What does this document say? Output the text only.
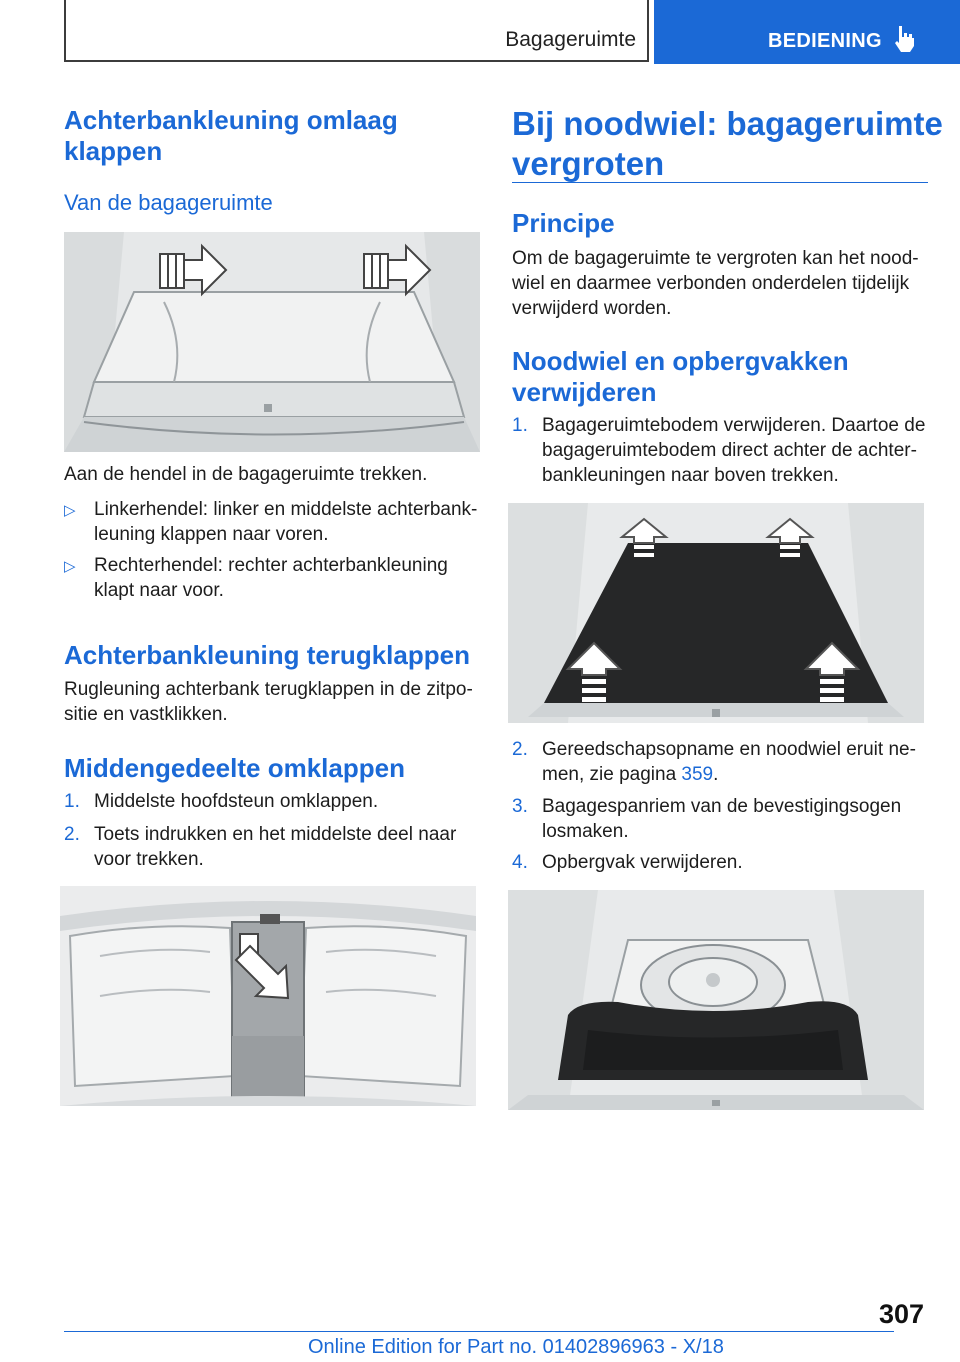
Bagageruimte	BEDIENING
Achterbankleuning omlaag
klappen
Van de bagageruimte
Aan de hendel in de bagageruimte trekken.
▷ Linkerhendel: linker en middelste achterbank-
leuning klappen naar voren.
▷ Rechterhendel: rechter achterbankleuning
klapt naar voor.
Achterbankleuning terugklappen
Rugleuning achterbank terugklappen in de zitpo-
sitie en vastklikken.
Middengedeelte omklappen
1. Middelste hoofdsteun omklappen.
2. Toets indrukken en het middelste deel naar
voor trekken.
Bij noodwiel: bagageruimte
vergroten
Principe
Om de bagageruimte te vergroten kan het nood-
wiel en daarmee verbonden onderdelen tijdelijk
verwijderd worden.
Noodwiel en opbergvakken
verwijderen
1. Bagageruimtebodem verwijderen. Daartoe de
bagageruimtebodem direct achter de achter-
bankleuningen naar boven trekken.
2. Gereedschapsopname en noodwiel eruit ne-
men, zie pagina 359.
3. Bagagespanriem van de bevestigingsogen
losmaken.
4. Opbergvak verwijderen.
307
Online Edition for Part no. 01402896963 - X/18
